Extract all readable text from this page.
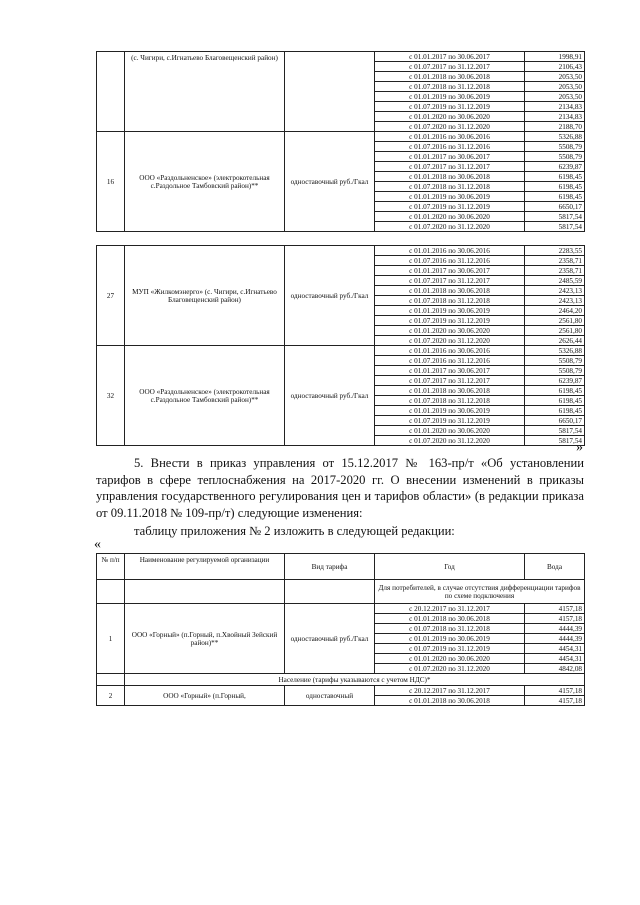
	(с. Чигири, с.Игнатьево Благовещенский район)		с 01.01.2017 по 30.06.2017	1998,91
			с 01.07.2017 по 31.12.2017	2106,43
			с 01.01.2018 по 30.06.2018	2053,50
			с 01.07.2018 по 31.12.2018	2053,50
			с 01.01.2019 по 30.06.2019	2053,50
			с 01.07.2019 по 31.12.2019	2134,83
			с 01.01.2020 по 30.06.2020	2134,83
			с 01.07.2020 по 31.12.2020	2188,70
16	ООО «Раздольненское» (электрокотельная с.Раздольное Тамбовский район)**	одноставочный руб./Гкал	с 01.01.2016 по 30.06.2016	5326,88
			с 01.07.2016 по 31.12.2016	5508,79
			с 01.01.2017 по 30.06.2017	5508,79
			с 01.07.2017 по 31.12.2017	6239,87
			с 01.01.2018 по 30.06.2018	6198,45
			с 01.07.2018 по 31.12.2018	6198,45
			с 01.01.2019 по 30.06.2019	6198,45
			с 01.07.2019 по 31.12.2019	6650,17
			с 01.01.2020 по 30.06.2020	5817,54
			с 01.07.2020 по 31.12.2020	5817,54
27	МУП «Жилкомэнерго» (с. Чигири, с.Игнатьево Благовещенский район)	одноставочный руб./Гкал	с 01.01.2016 по 30.06.2016	2283,55
			с 01.07.2016 по 31.12.2016	2358,71
			с 01.01.2017 по 30.06.2017	2358,71
			с 01.07.2017 по 31.12.2017	2485,59
			с 01.01.2018 по 30.06.2018	2423,13
			с 01.07.2018 по 31.12.2018	2423,13
			с 01.01.2019 по 30.06.2019	2464,20
			с 01.07.2019 по 31.12.2019	2561,80
			с 01.01.2020 по 30.06.2020	2561,80
			с 01.07.2020 по 31.12.2020	2626,44
32	ООО «Раздольненское» (электрокотельная с.Раздольное Тамбовский район)**	одноставочный руб./Гкал	с 01.01.2016 по 30.06.2016	5326,88
			с 01.07.2016 по 31.12.2016	5508,79
			с 01.01.2017 по 30.06.2017	5508,79
			с 01.07.2017 по 31.12.2017	6239,87
			с 01.01.2018 по 30.06.2018	6198,45
			с 01.07.2018 по 31.12.2018	6198,45
			с 01.01.2019 по 30.06.2019	6198,45
			с 01.07.2019 по 31.12.2019	6650,17
			с 01.01.2020 по 30.06.2020	5817,54
			с 01.07.2020 по 31.12.2020	5817,54
»
5. Внести в приказ управления от 15.12.2017 № 163-пр/т «Об установлении тарифов в сфере теплоснабжения на 2017-2020 гг. О внесении изменений в приказы управления государственного регулирования цен и тарифов области» (в редакции приказа от 09.11.2018 № 109-пр/т) следующие изменения:
таблицу приложения № 2 изложить в следующей редакции:
«
№ п/п	Наименование регулируемой организации	Вид тарифа	Год	Вода
			Для потребителей, в случае отсутствия дифференциации тарифов по схеме подключения	
1	ООО «Горный» (п.Горный, п.Хвойный Зейский район)**	одноставочный руб./Гкал	с 20.12.2017 по 31.12.2017	4157,18
			с 01.01.2018 по 30.06.2018	4157,18
			с 01.07.2018 по 31.12.2018	4444,39
			с 01.01.2019 по 30.06.2019	4444,39
			с 01.07.2019 по 31.12.2019	4454,31
			с 01.01.2020 по 30.06.2020	4454,31
			с 01.07.2020 по 31.12.2020	4842,08
	Население (тарифы указываются с учетом НДС)*			
2	ООО «Горный» (п.Горный,	одноставочный	с 20.12.2017 по 31.12.2017	4157,18
			с 01.01.2018 по 30.06.2018	4157,18
